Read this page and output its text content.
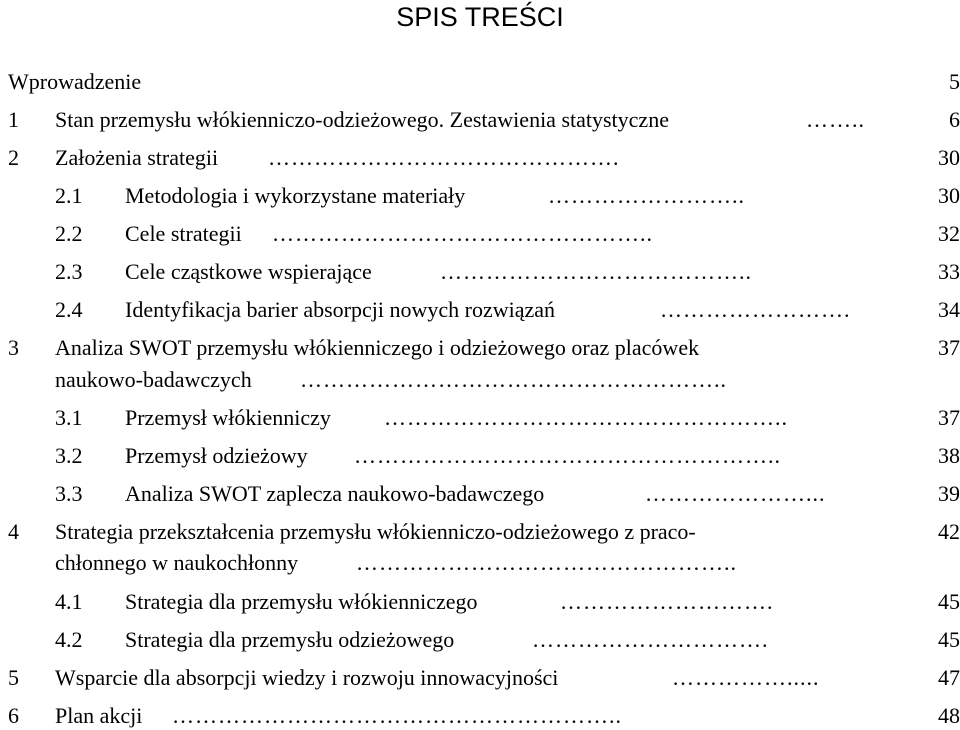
SPIS TREŚCI
Wprowadzenie	5
1 Stan przemysłu włókienniczo-odzieżowego. Zestawienia statystyczne	……..	6
2 Założenia strategii ……………………………………….	30
2.1 Metodologia i wykorzystane materiały	……………………..	30
2.2 Cele strategii …………………………………………..	32
2.3 Cele cząstkowe wspierające	…………………………………..	33
2.4 Identyfikacja barier absorpcji nowych rozwiązań	…………………….	34
3 Analiza SWOT przemysłu włókienniczego i odzieżowego oraz placówek	37
naukowo-badawczych ………………………………………………..
3.1 Przemysł włókienniczy ……………………………………………..	37
3.2 Przemysł odzieżowy ………………………………………………..	38
3.3 Analiza SWOT zaplecza naukowo-badawczego	…………………...	39
4 Strategia przekształcenia przemysłu włókienniczo-odzieżowego z praco-	42
chłonnego w naukochłonny	…………………………………………..
4.1 Strategia dla przemysłu włókienniczego	……………………….	45
4.2 Strategia dla przemysłu odzieżowego	………………………….	45
5 Wsparcie dla absorpcji wiedzy i rozwoju innowacyjności	…………….....	47
6 Plan akcji …………………………………………………..	48
